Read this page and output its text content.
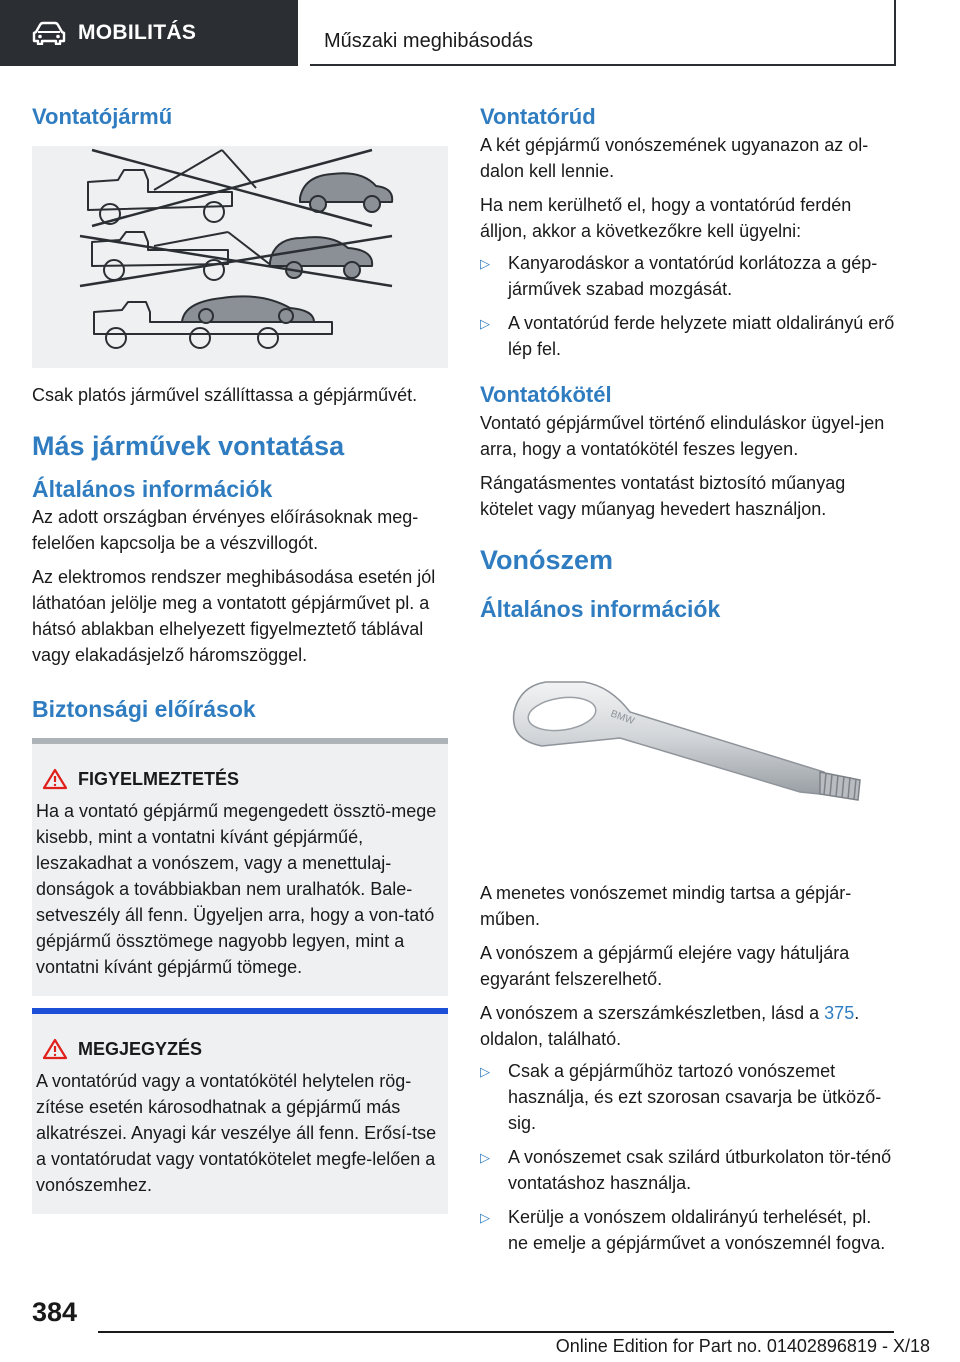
MOBILITÁS	Műszaki meghibásodás
Vontatójármű

Csak platós járművel szállíttassa a gépjárművét.

Más járművek vontatása
Általános információk

Az adott országban érvényes előírásoknak meg-felelően kapcsolja be a vészvillogót.

Az elektromos rendszer meghibásodása esetén jól láthatóan jelölje meg a vontatott gépjárművet pl. a hátsó ablakban elhelyezett figyelmeztető táblával vagy elakadásjelző háromszöggel.

Biztonsági előírások
FIGYELMEZTETÉS

Ha a vontató gépjármű megengedett össztö-mege kisebb, mint a vontatni kívánt gépjárműé, leszakadhat a vonószem, vagy a menettulaj-donságok a továbbiakban nem uralhatók. Bale-setveszély áll fenn. Ügyeljen arra, hogy a von-tató gépjármű össztömege nagyobb legyen, mint a vontatni kívánt gépjármű tömege.

MEGJEGYZÉS

A vontatórúd vagy a vontatókötél helytelen rög-zítése esetén károsodhatnak a gépjármű más alkatrészei. Anyagi kár veszélye áll fenn. Erősí-tse a vontatórudat vagy vontatókötelet megfe-lelően a vonószemhez.

Vontatórúd

A két gépjármű vonószemének ugyanazon az ol-dalon kell lennie.

Ha nem kerülhető el, hogy a vontatórúd ferdén álljon, akkor a következőkre kell ügyelni:

▷	Kanyarodáskor a vontatórúd korlátozza a gép-járművek szabad mozgását.
▷	A vontatórúd ferde helyzete miatt oldalirányú erő lép fel.
Vontatókötél

Vontató gépjárművel történő elinduláskor ügyel-jen arra, hogy a vontatókötél feszes legyen.

Rángatásmentes vontatást biztosító műanyag kötelet vagy műanyag hevedert használjon.

Vonószem
Általános információk
BMW

A menetes vonószemet mindig tartsa a gépjár-műben.

A vonószem a gépjármű elejére vagy hátuljára egyaránt felszerelhető.

A vonószem a szerszámkészletben, lásd a 375. oldalon, található.

▷	Csak a gépjárműhöz tartozó vonószemet használja, és ezt szorosan csavarja be ütköző-sig.
▷	A vonószemet csak szilárd útburkolaton tör-ténő vontatáshoz használja.
▷	Kerülje a vonószem oldalirányú terhelését, pl. ne emelje a gépjárművet a vonószemnél fogva.
384
Online Edition for Part no. 01402896819 - X/18
